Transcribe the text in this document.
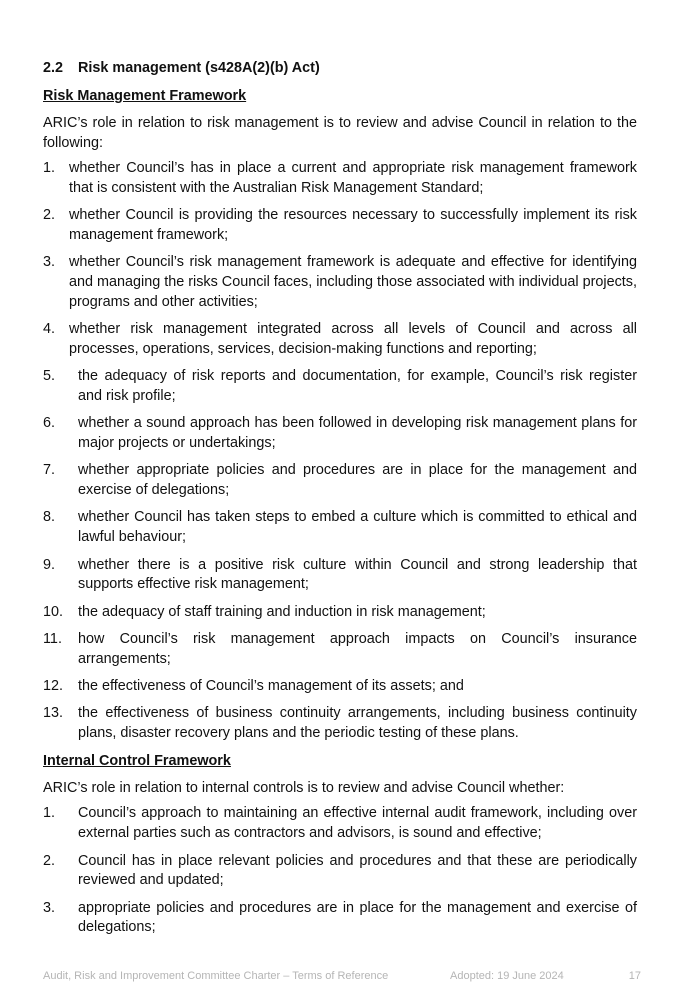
2.2 Risk management (s428A(2)(b) Act)
Risk Management Framework

ARIC’s role in relation to risk management is to review and advise Council in relation to the following:

1. whether Council’s has in place a current and appropriate risk management framework that is consistent with the Australian Risk Management Standard;
2. whether Council is providing the resources necessary to successfully implement its risk management framework;
3. whether Council’s risk management framework is adequate and effective for identifying and managing the risks Council faces, including those associated with individual projects, programs and other activities;
4. whether risk management integrated across all levels of Council and across all processes, operations, services, decision-making functions and reporting;
5. the adequacy of risk reports and documentation, for example, Council’s risk register and risk profile;
6. whether a sound approach has been followed in developing risk management plans for major projects or undertakings;
7. whether appropriate policies and procedures are in place for the management and exercise of delegations;
8. whether Council has taken steps to embed a culture which is committed to ethical and lawful behaviour;
9. whether there is a positive risk culture within Council and strong leadership that supports effective risk management;
10. the adequacy of staff training and induction in risk management;
11. how Council’s risk management approach impacts on Council’s insurance arrangements;
12. the effectiveness of Council’s management of its assets; and
13. the effectiveness of business continuity arrangements, including business continuity plans, disaster recovery plans and the periodic testing of these plans.
Internal Control Framework

ARIC’s role in relation to internal controls is to review and advise Council whether:

1. Council’s approach to maintaining an effective internal audit framework, including over external parties such as contractors and advisors, is sound and effective;
2. Council has in place relevant policies and procedures and that these are periodically reviewed and updated;
3. appropriate policies and procedures are in place for the management and exercise of delegations;
Audit, Risk and Improvement Committee Charter – Terms of Reference	Adopted: 19 June 2024	17
